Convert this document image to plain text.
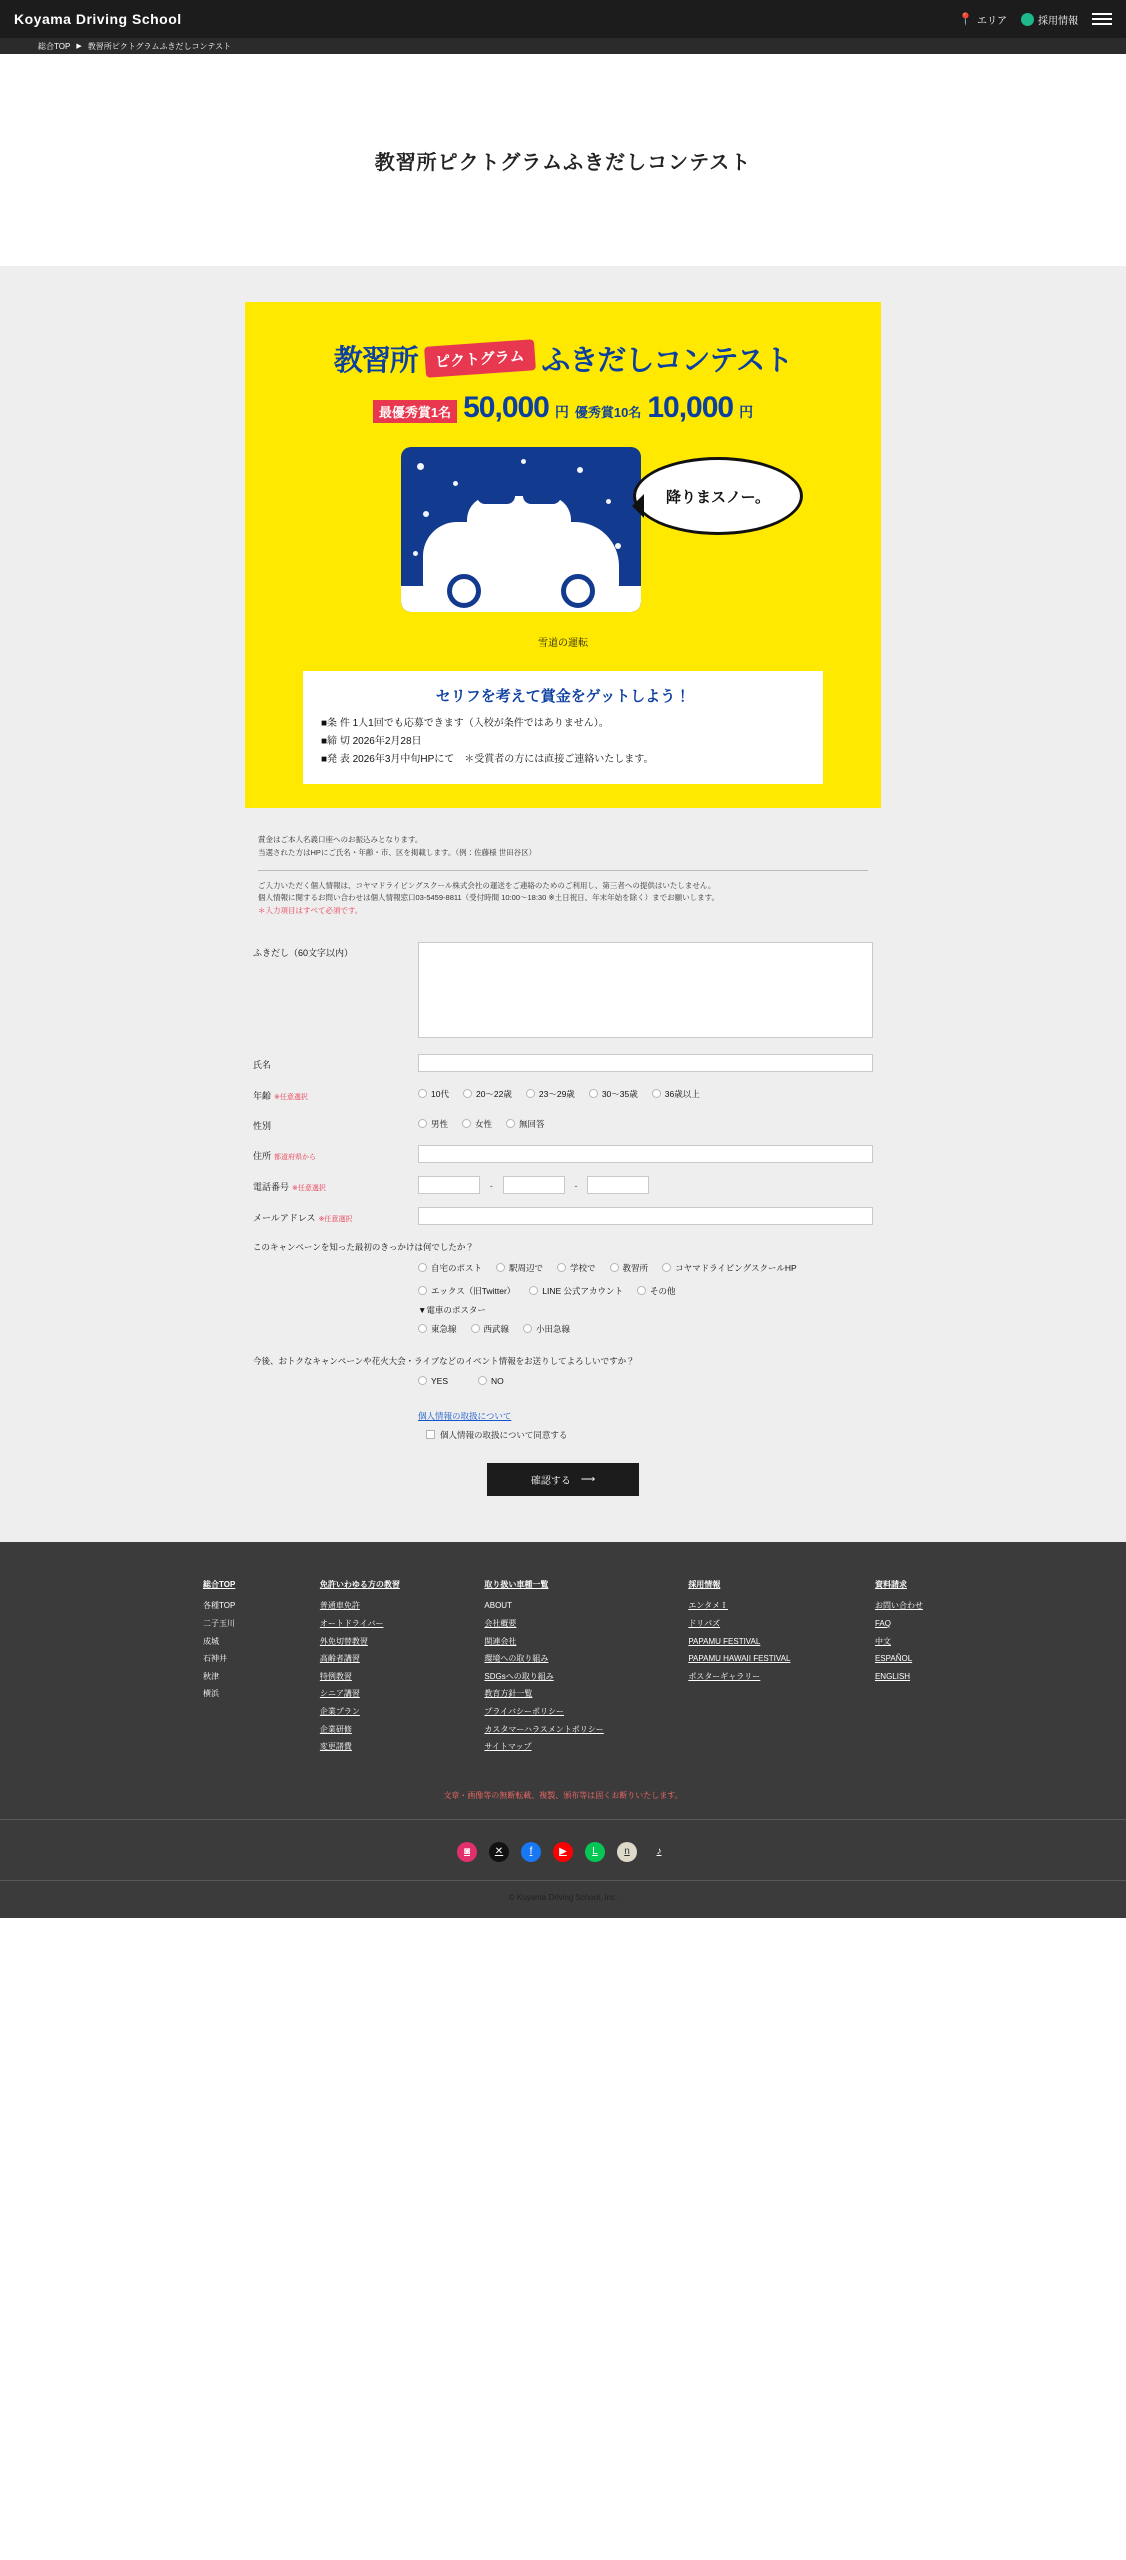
Koyama Driving School	📍 エリア	採用情報
総合TOP ▶ 教習所ピクトグラムふきだしコンテスト
教習所ピクトグラムふきだしコンテスト
教習所	ピクトグラム ふきだしコンテスト
最優秀賞1名 50,000 円 優秀賞10名 10,000 円
降りまスノー。
雪道の運転
セリフを考えて賞金をゲットしよう！
■条 件 1人1回でも応募できます（入校が条件ではありません）。
■締 切 2026年2月28日
■発 表 2026年3月中旬HPにて　＊受賞者の方には直接ご連絡いたします。
賞金はご本人名義口座へのお振込みとなります。
当選された方はHPにご氏名・年齢・市、区を掲載します。（例：佐藤様 世田谷区）
ご入力いただく個人情報は、コヤマドライビングスクール株式会社の運送をご連絡のためのご利用し、第三者への提供はいたしません。
個人情報に関するお問い合わせは個人情報窓口03-5459-8811（受付時間 10:00～18:30 ※土日祝日、年末年始を除く）までお願いします。
＊入力項目はすべて必須です。
ふきだし（60文字以内）
氏名
年齢 ※任意選択	10代	20～22歳	23～29歳	30～35歳	36歳以上
性別	男性	女性	無回答
住所 都道府県から
電話番号 ※任意選択	-	-
メールアドレス ※任意選択
このキャンペーンを知った最初のきっかけは何でしたか？
自宅のポスト	駅周辺で	学校で	教習所	コヤマドライビングスクールHP
エックス（旧Twitter）	LINE 公式アカウント	その他
▼電車のポスター
東急線	西武線	小田急線
今後、おトクなキャンペーンや花火大会・ライブなどのイベント情報をお送りしてよろしいですか？
YES	NO
個人情報の取扱について
個人情報の取扱について同意する
確認する ⟶
総合TOP
各種TOP
二子玉川
成城
石神井
秋津
横浜
免許いわゆる方の教習
普通車免許
オートドライバー
外免切替教習
高齢者講習
特例教習
シニア講習
企業プラン
企業研修
変更諸費
取り扱い車種一覧
ABOUT
会社概要
関連会社
環境への取り組み
SDGsへの取り組み
教育方針一覧
プライバシーポリシー
カスタマーハラスメントポリシー
サイトマップ
採用情報
エンタメＩ
ドリパズ
PAPAMU FESTIVAL
PAPAMU HAWAII FESTIVAL
ポスターギャラリー
資料請求
お問い合わせ
FAQ
中文
ESPAÑOL
ENGLISH
文章・画像等の無断転載、複製、頒布等は固くお断りいたします。
◙	✕	f	▶	L	n	♪
© Koyama Driving School, Inc.
